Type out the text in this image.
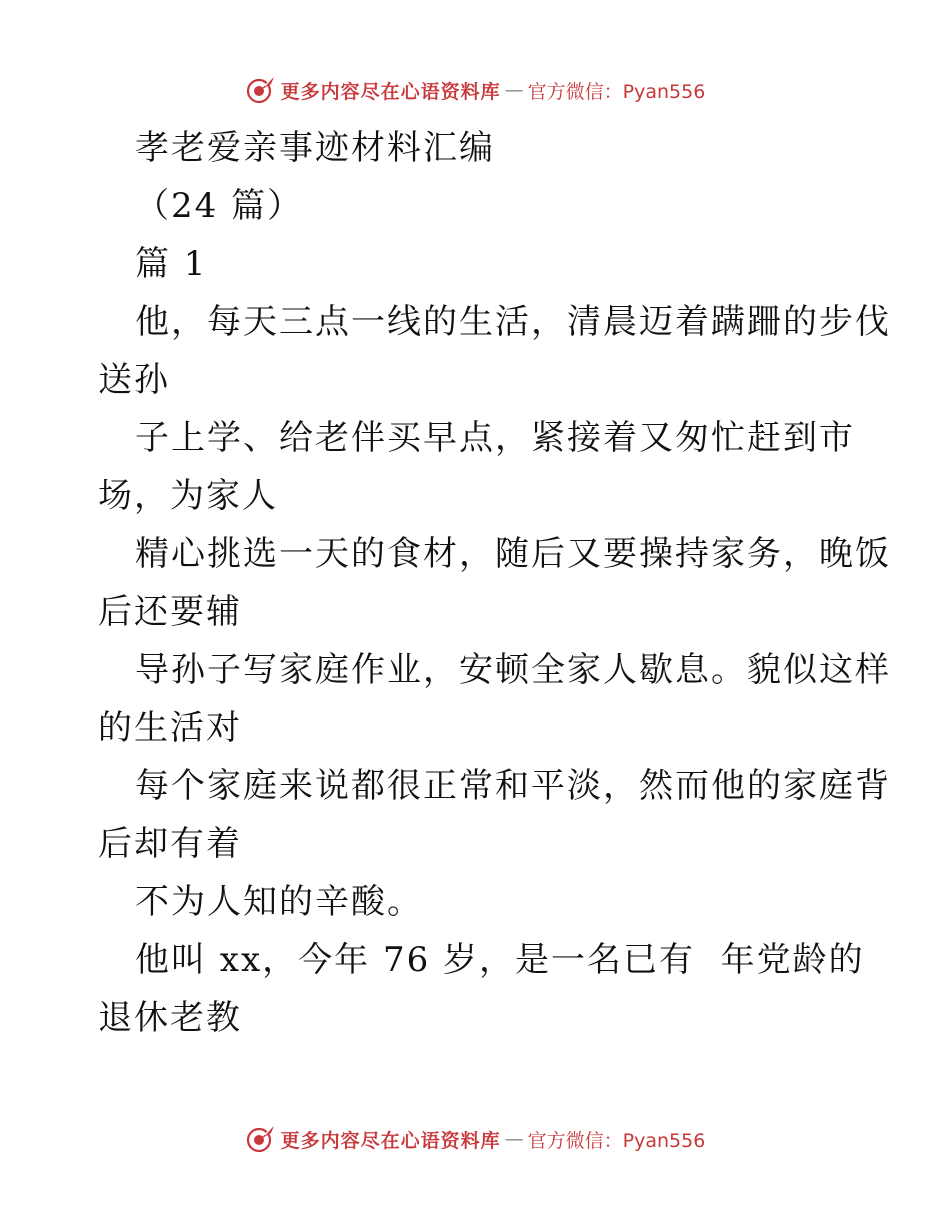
更多内容尽在心语资料库 — 官方微信：Pyan556
孝老爱亲事迹材料汇编
（24 篇）
篇 1
他，每天三点一线的生活，清晨迈着蹒跚的步伐
送孙
子上学、给老伴买早点，紧接着又匆忙赶到市
场，为家人
精心挑选一天的食材，随后又要操持家务，晚饭
后还要辅
导孙子写家庭作业，安顿全家人歇息。貌似这样
的生活对
每个家庭来说都很正常和平淡，然而他的家庭背
后却有着
不为人知的辛酸。
他叫 xx，今年 76 岁，是一名已有  年党龄的
退休老教
更多内容尽在心语资料库 — 官方微信：Pyan556
